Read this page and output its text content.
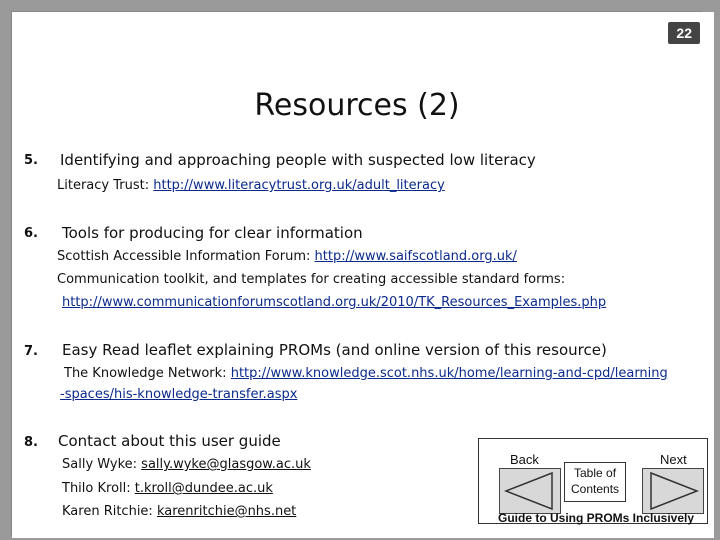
22
Resources (2)
5. Identifying and approaching people with suspected low literacy
Literacy Trust: http://www.literacytrust.org.uk/adult_literacy
6. Tools for producing for clear information
Scottish Accessible Information Forum: http://www.saifscotland.org.uk/
Communication toolkit, and templates for creating accessible standard forms:
http://www.communicationforumscotland.org.uk/2010/TK_Resources_Examples.php
7. Easy Read leaflet explaining PROMs (and online version of this resource)
The Knowledge Network: http://www.knowledge.scot.nhs.uk/home/learning-and-cpd/learning
-spaces/his-knowledge-transfer.aspx
8. Contact about this user guide
Sally Wyke: sally.wyke@glasgow.ac.uk
Thilo Kroll: t.kroll@dundee.ac.uk
Karen Ritchie: karenritchie@nhs.net
Back
Table of
Contents
Next
Guide to Using PROMs Inclusively
